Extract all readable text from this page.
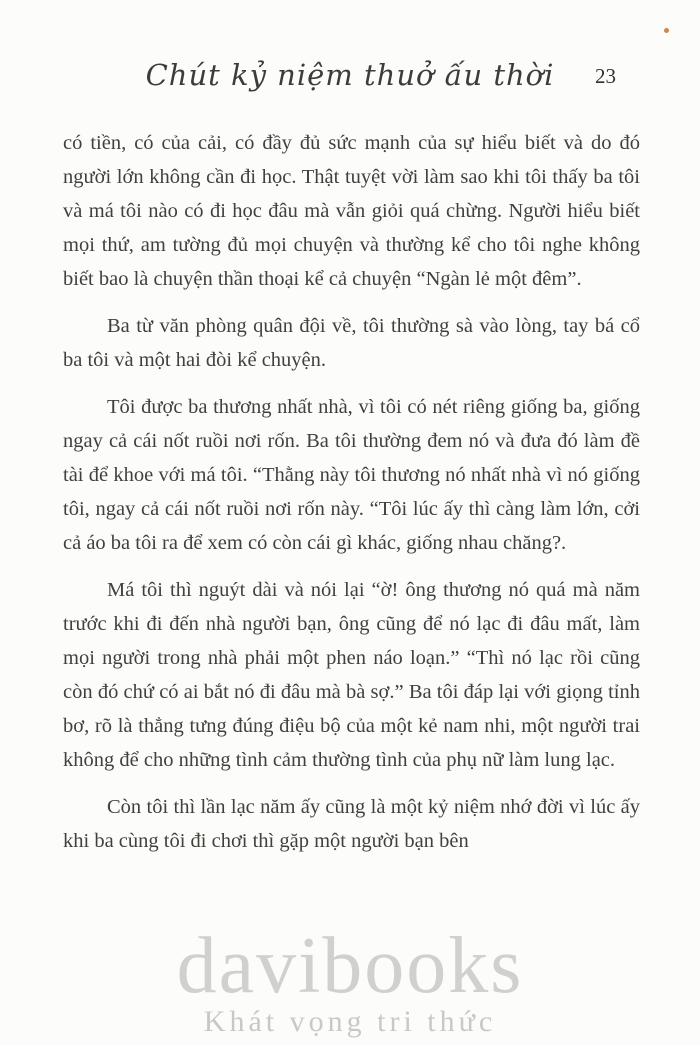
Chút kỷ niệm thuở ấu thời 23

có tiền, có của cải, có đầy đủ sức mạnh của sự hiểu biết và do đó người lớn không cần đi học. Thật tuyệt vời làm sao khi tôi thấy ba tôi và má tôi nào có đi học đâu mà vẫn giỏi quá chừng. Người hiểu biết mọi thứ, am tường đủ mọi chuyện và thường kể cho tôi nghe không biết bao là chuyện thần thoại kể cả chuyện “Ngàn lẻ một đêm”.

Ba từ văn phòng quân đội về, tôi thường sà vào lòng, tay bá cổ ba tôi và một hai đòi kể chuyện.

Tôi được ba thương nhất nhà, vì tôi có nét riêng giống ba, giống ngay cả cái nốt ruồi nơi rốn. Ba tôi thường đem nó và đưa đó làm đề tài để khoe với má tôi. “Thằng này tôi thương nó nhất nhà vì nó giống tôi, ngay cả cái nốt ruồi nơi rốn này. “Tôi lúc ấy thì càng làm lớn, cởi cả áo ba tôi ra để xem có còn cái gì khác, giống nhau chăng?.

Má tôi thì nguýt dài và nói lại “ờ! ông thương nó quá mà năm trước khi đi đến nhà người bạn, ông cũng để nó lạc đi đâu mất, làm mọi người trong nhà phải một phen náo loạn.” “Thì nó lạc rồi cũng còn đó chứ có ai bắt nó đi đâu mà bà sợ.” Ba tôi đáp lại với giọng tỉnh bơ, rõ là thẳng tưng đúng điệu bộ của một kẻ nam nhi, một người trai không để cho những tình cảm thường tình của phụ nữ làm lung lạc.

Còn tôi thì lần lạc năm ấy cũng là một kỷ niệm nhớ đời vì lúc ấy khi ba cùng tôi đi chơi thì gặp một người bạn bên

davibooks
Khát vọng tri thức
